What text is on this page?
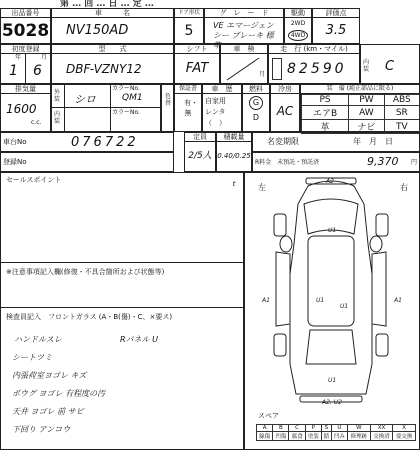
第 … 回 … 日 … 定 …
出品番号
5028
車　　　名
NV150AD
ドア形状
5
グ　レ　ー　ド
VE エマージェンシー ブレーキ 標 準
駆動
2WD
4WD
評価点
3.5
初度登録
年	月
1 6
型　　式
DBF-VZNY12
シフト
FAT
車　検
月
走　行 (km・マイル)
82590	内装 C
排気量
1600
c.c.
外装
内装
シロ
カラーNo.
QM1
カラーNo.
色替
保証書
有・無
車　歴
自家用
レンタ
（　）
燃料
G
D
冷房
AC
装　備 (純正部品に限る)
PS	PW	ABS
エアB	AW	SR
革	ナビ	TV
車台No	076722	定員
2/5人
積載量
0.40/0.25 t
名変期限	年　月　日
登録No	R料金　未預託・預託済	9,370 円
セールスポイント
※注意事項記入欄(修復・不具合箇所および状態等)
検査員記入　フロントガラス (A・B(傷)・C、×要ス)
ハンドルスレ	Rパネル U
シートツミ
内張荷室ヨゴレ キズ
ボウグ ヨゴレ 有程度の汚
天井 ヨゴレ 前 サビ
下回り アンコウ
左	右
A2
U1
A1	A1
U1
U1
U1
A2, U2
スペア
A	B	C	P	S	U	W	XX	X
線傷	凹傷	腐食	塗装	錆	凹み	修理跡	交換済	要交換
